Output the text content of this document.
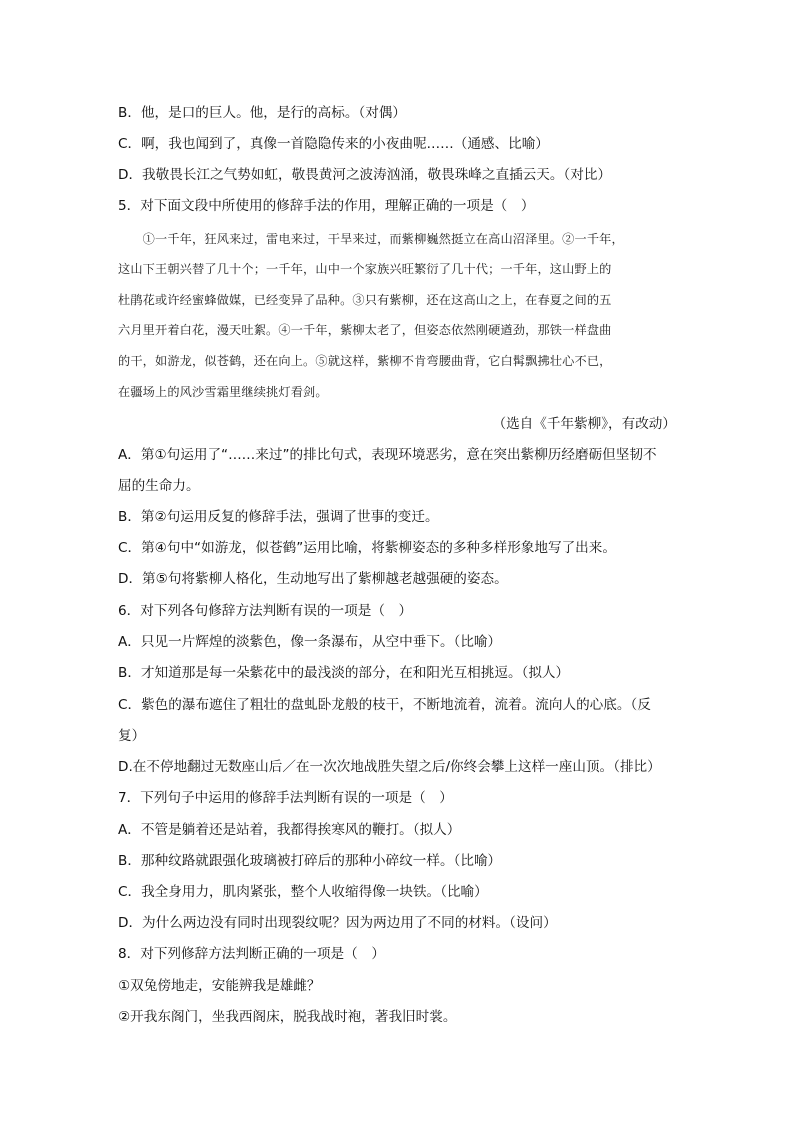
B．他，是口的巨人。他，是行的高标。（对偶）
C．啊，我也闻到了，真像一首隐隐传来的小夜曲呢……（通感、比喻）
D．我敬畏长江之气势如虹，敬畏黄河之波涛汹涌，敬畏珠峰之直插云天。（对比）
5．对下面文段中所使用的修辞手法的作用，理解正确的一项是（　）
　　①一千年，狂风来过，雷电来过，干旱来过，而紫柳巍然挺立在高山沼泽里。②一千年，
这山下王朝兴替了几十个；一千年，山中一个家族兴旺繁衍了几十代；一千年，这山野上的
杜鹃花或许经蜜蜂做媒，已经变异了品种。③只有紫柳，还在这高山之上，在春夏之间的五
六月里开着白花，漫天吐絮。④一千年，紫柳太老了，但姿态依然刚硬遒劲，那铁一样盘曲
的干，如游龙，似苍鹤，还在向上。⑤就这样，紫柳不肯弯腰曲背，它白髯飘拂壮心不已，
在疆场上的风沙雪霜里继续挑灯看剑。
（选自《千年紫柳》，有改动）
A．第①句运用了“……来过”的排比句式，表现环境恶劣，意在突出紫柳历经磨砺但坚韧不
屈的生命力。
B．第②句运用反复的修辞手法，强调了世事的变迁。
C．第④句中“如游龙，似苍鹤”运用比喻，将紫柳姿态的多种多样形象地写了出来。
D．第⑤句将紫柳人格化，生动地写出了紫柳越老越强硬的姿态。
6．对下列各句修辞方法判断有误的一项是（　）
A．只见一片辉煌的淡紫色，像一条瀑布，从空中垂下。（比喻）
B．才知道那是每一朵紫花中的最浅淡的部分，在和阳光互相挑逗。（拟人）
C．紫色的瀑布遮住了粗壮的盘虬卧龙般的枝干，不断地流着，流着。流向人的心底。（反
复）
D.在不停地翻过无数座山后／在一次次地战胜失望之后/你终会攀上这样一座山顶。（排比）
7．下列句子中运用的修辞手法判断有误的一项是（　）
A．不管是躺着还是站着，我都得挨寒风的鞭打。（拟人）
B．那种纹路就跟强化玻璃被打碎后的那种小碎纹一样。（比喻）
C．我全身用力，肌肉紧张，整个人收缩得像一块铁。（比喻）
D．为什么两边没有同时出现裂纹呢？因为两边用了不同的材料。（设问）
8．对下列修辞方法判断正确的一项是（　）
①双兔傍地走，安能辨我是雄雌？
②开我东阁门，坐我西阁床，脱我战时袍，著我旧时裳。
